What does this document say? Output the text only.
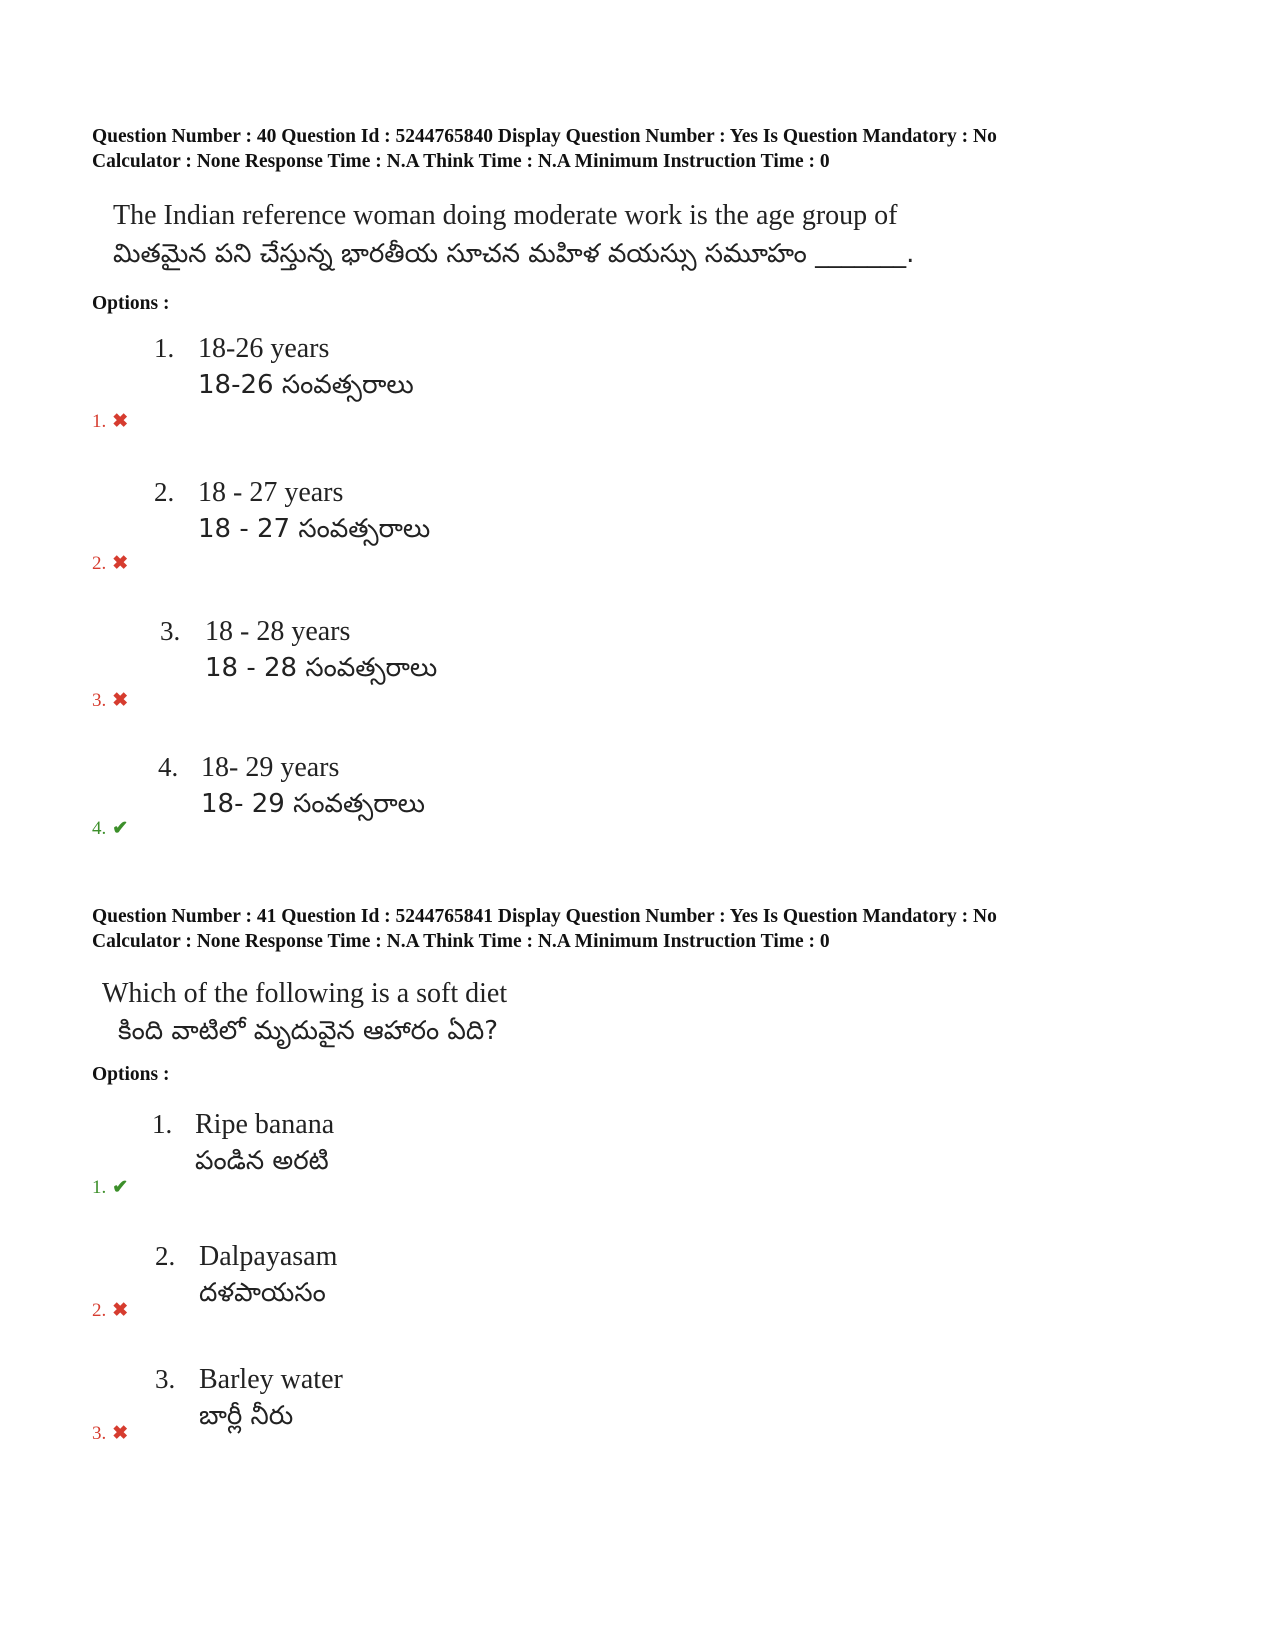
Question Number : 40 Question Id : 5244765840 Display Question Number : Yes Is Question Mandatory : No
Calculator : None Response Time : N.A Think Time : N.A Minimum Instruction Time : 0
The Indian reference woman doing moderate work is the age group of
మితమైన పని చేస్తున్న భారతీయ సూచన మహిళ వయస్సు సమూహం _______.
Options :
1. 18-26 years
18-26 సంవత్సరాలు
1. ✖
2. 18 - 27 years
18 - 27 సంవత్సరాలు
2. ✖
3. 18 - 28 years
18 - 28 సంవత్సరాలు
3. ✖
4. 18- 29 years
18- 29 సంవత్సరాలు
4. ✔
Question Number : 41 Question Id : 5244765841 Display Question Number : Yes Is Question Mandatory : No
Calculator : None Response Time : N.A Think Time : N.A Minimum Instruction Time : 0
Which of the following is a soft diet
కింది వాటిలో మృదువైన ఆహారం ఏది?
Options :
1. Ripe banana
పండిన అరటి
1. ✔
2. Dalpayasam
దళపాయసం
2. ✖
3. Barley water
బార్లీ నీరు
3. ✖
